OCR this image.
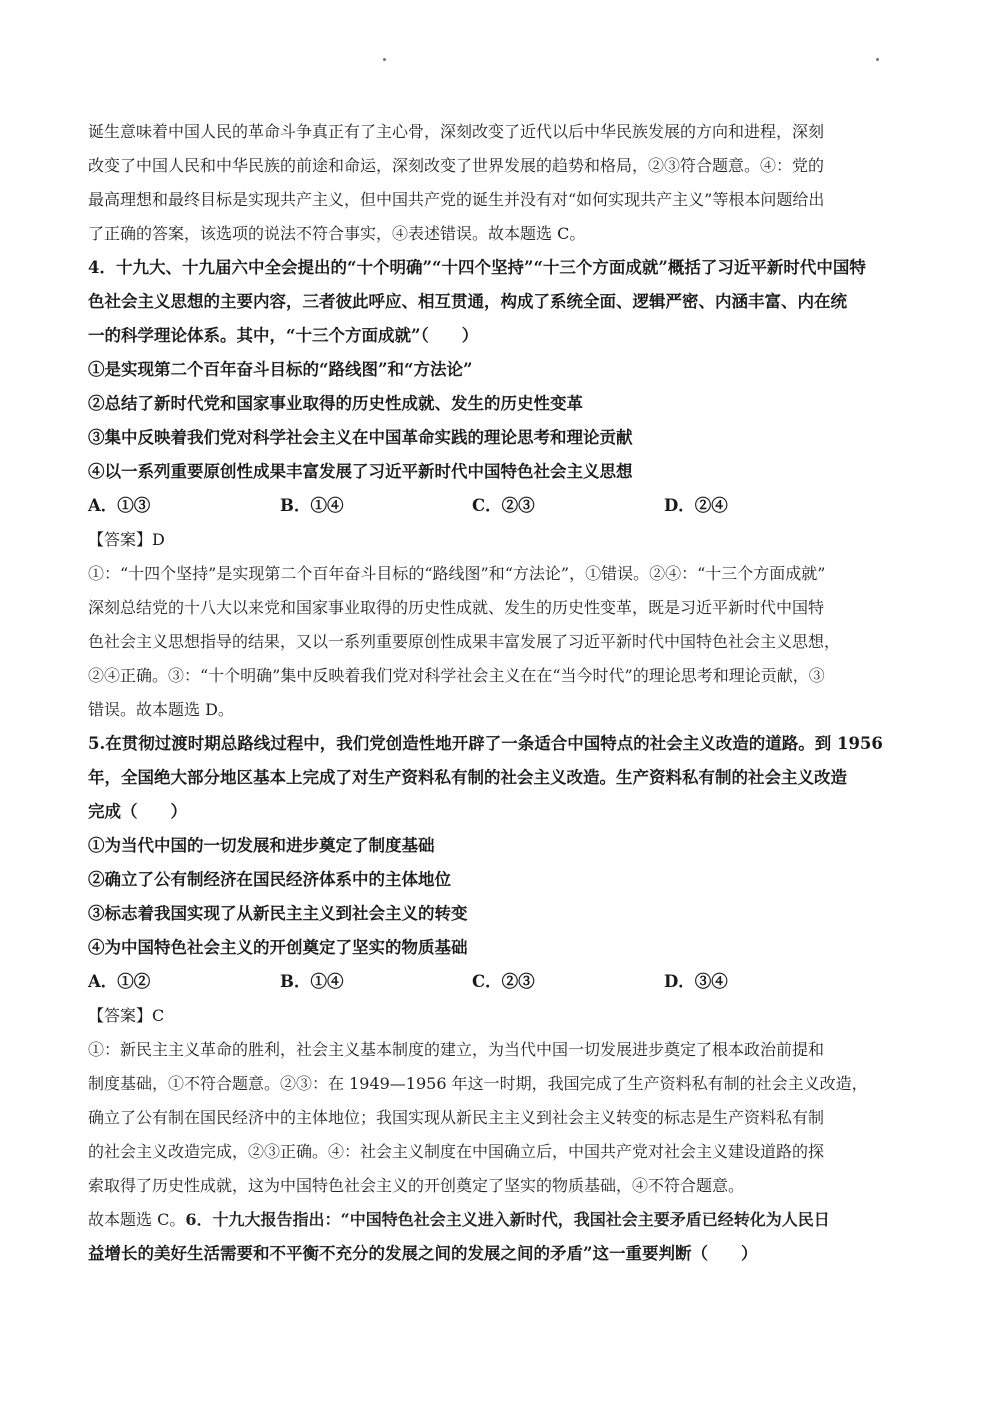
诞生意味着中国人民的革命斗争真正有了主心骨，深刻改变了近代以后中华民族发展的方向和进程，深刻
改变了中国人民和中华民族的前途和命运，深刻改变了世界发展的趋势和格局，②③符合题意。④：党的
最高理想和最终目标是实现共产主义，但中国共产党的诞生并没有对“如何实现共产主义”等根本问题给出
了正确的答案，该选项的说法不符合事实，④表述错误。故本题选 C。
4．十九大、十九届六中全会提出的“十个明确”“十四个坚持”“十三个方面成就”概括了习近平新时代中国特
色社会主义思想的主要内容，三者彼此呼应、相互贯通，构成了系统全面、逻辑严密、内涵丰富、内在统
一的科学理论体系。其中，“十三个方面成就”（　　）
①是实现第二个百年奋斗目标的“路线图”和“方法论”
②总结了新时代党和国家事业取得的历史性成就、发生的历史性变革
③集中反映着我们党对科学社会主义在中国革命实践的理论思考和理论贡献
④以一系列重要原创性成果丰富发展了习近平新时代中国特色社会主义思想
A．①③	B．①④	C．②③	D．②④
【答案】D
①：“十四个坚持”是实现第二个百年奋斗目标的“路线图”和“方法论”，①错误。②④：“十三个方面成就”
深刻总结党的十八大以来党和国家事业取得的历史性成就、发生的历史性变革，既是习近平新时代中国特
色社会主义思想指导的结果，又以一系列重要原创性成果丰富发展了习近平新时代中国特色社会主义思想，
②④正确。③：“十个明确”集中反映着我们党对科学社会主义在在“当今时代”的理论思考和理论贡献，③
错误。故本题选 D。
5.在贯彻过渡时期总路线过程中，我们党创造性地开辟了一条适合中国特点的社会主义改造的道路。到 1956
年，全国绝大部分地区基本上完成了对生产资料私有制的社会主义改造。生产资料私有制的社会主义改造
完成（　　）
①为当代中国的一切发展和进步奠定了制度基础
②确立了公有制经济在国民经济体系中的主体地位
③标志着我国实现了从新民主主义到社会主义的转变
④为中国特色社会主义的开创奠定了坚实的物质基础
A．①②	B．①④	C．②③	D．③④
【答案】C
①：新民主主义革命的胜利，社会主义基本制度的建立，为当代中国一切发展进步奠定了根本政治前提和
制度基础，①不符合题意。②③：在 1949—1956 年这一时期，我国完成了生产资料私有制的社会主义改造，
确立了公有制在国民经济中的主体地位；我国实现从新民主主义到社会主义转变的标志是生产资料私有制
的社会主义改造完成，②③正确。④：社会主义制度在中国确立后，中国共产党对社会主义建设道路的探
索取得了历史性成就，这为中国特色社会主义的开创奠定了坚实的物质基础，④不符合题意。
故本题选 C。6．十九大报告指出：“中国特色社会主义进入新时代，我国社会主要矛盾已经转化为人民日
益增长的美好生活需要和不平衡不充分的发展之间的发展之间的矛盾”这一重要判断（　　）
